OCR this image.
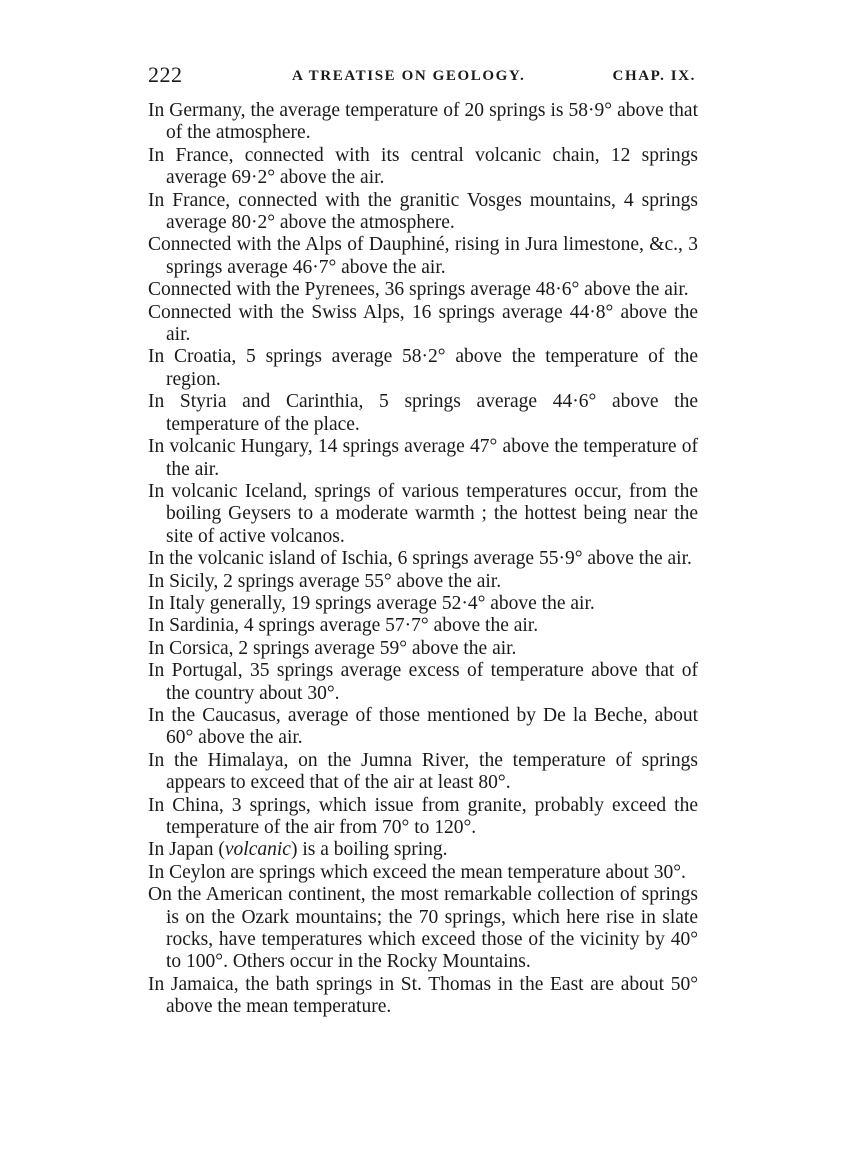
222	A TREATISE ON GEOLOGY.	CHAP. IX.

In Germany, the average temperature of 20 springs is 58·9° above that of the atmosphere.

In France, connected with its central volcanic chain, 12 springs average 69·2° above the air.

In France, connected with the granitic Vosges mountains, 4 springs average 80·2° above the atmosphere.

Connected with the Alps of Dauphiné, rising in Jura limestone, &c., 3 springs average 46·7° above the air.

Connected with the Pyrenees, 36 springs average 48·6° above the air.

Connected with the Swiss Alps, 16 springs average 44·8° above the air.

In Croatia, 5 springs average 58·2° above the temperature of the region.

In Styria and Carinthia, 5 springs average 44·6° above the temperature of the place.

In volcanic Hungary, 14 springs average 47° above the temperature of the air.

In volcanic Iceland, springs of various temperatures occur, from the boiling Geysers to a moderate warmth ; the hottest being near the site of active volcanos.

In the volcanic island of Ischia, 6 springs average 55·9° above the air.

In Sicily, 2 springs average 55° above the air.

In Italy generally, 19 springs average 52·4° above the air.

In Sardinia, 4 springs average 57·7° above the air.

In Corsica, 2 springs average 59° above the air.

In Portugal, 35 springs average excess of temperature above that of the country about 30°.

In the Caucasus, average of those mentioned by De la Beche, about 60° above the air.

In the Himalaya, on the Jumna River, the temperature of springs appears to exceed that of the air at least 80°.

In China, 3 springs, which issue from granite, probably exceed the temperature of the air from 70° to 120°.

In Japan (volcanic) is a boiling spring.

In Ceylon are springs which exceed the mean temperature about 30°.

On the American continent, the most remarkable collection of springs is on the Ozark mountains; the 70 springs, which here rise in slate rocks, have temperatures which exceed those of the vicinity by 40° to 100°. Others occur in the Rocky Mountains.

In Jamaica, the bath springs in St. Thomas in the East are about 50° above the mean temperature.
